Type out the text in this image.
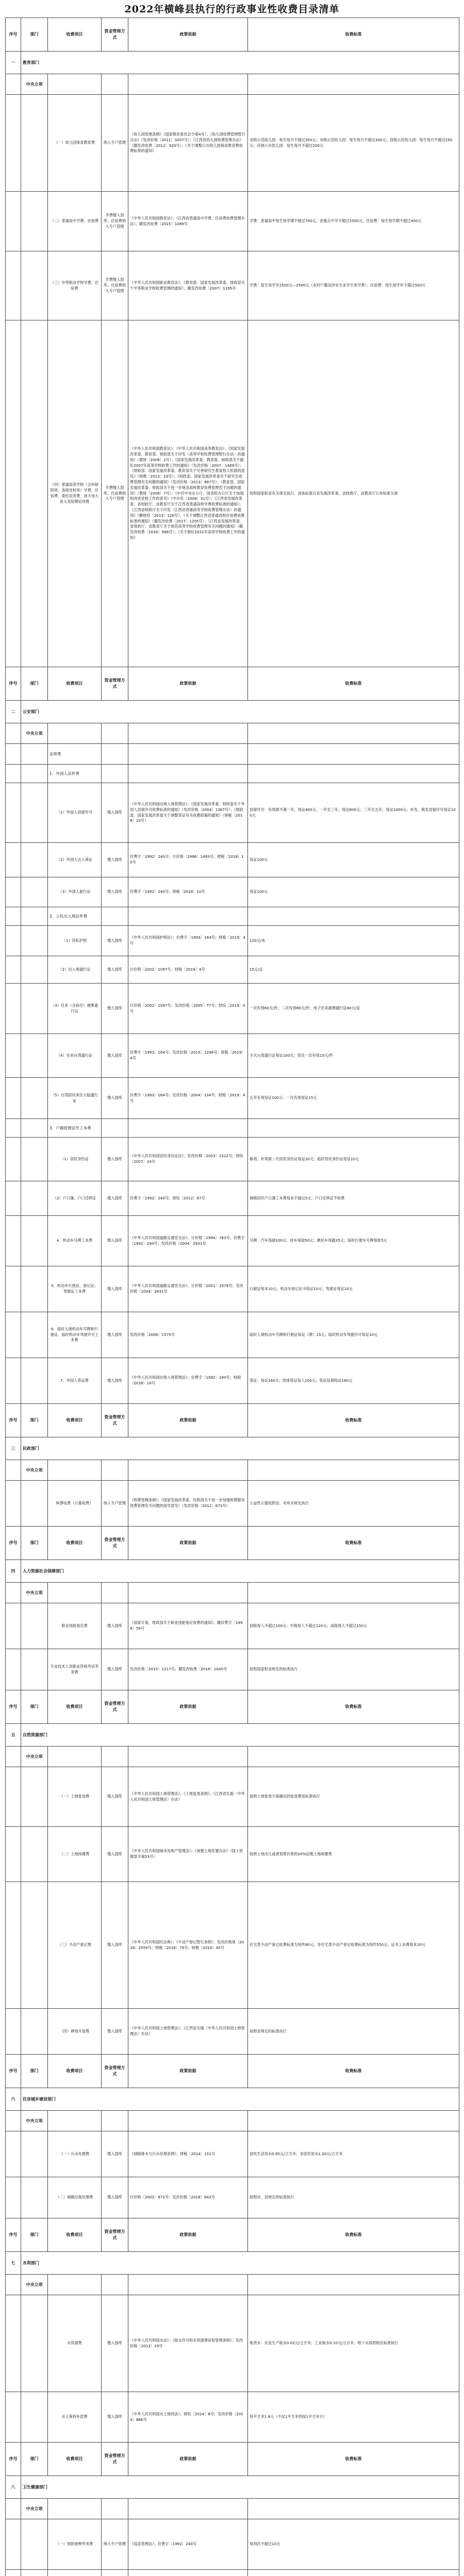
2022年横峰县执行的行政事业性收费目录清单
序号	部门	收费项目	资金管理方式	政策依据	收费标准
一	教育部门				
	中央立项				
		（一）幼儿园保育教育费	纳入专户管理	《幼儿园管理条例》（国家教育委员会令第4号）；《幼儿园收费管理暂行办法》（发改价格〔2011〕3207号）；《江西省幼儿园收费管理办法》（赣发改收费〔2012〕920号）；《关于调整公办幼儿园保育教育费收费标准的通知》	省级示范幼儿园：每生每月不超过350元；市级示范幼儿园：每生每月不超过300元；县级示范幼儿园：每生每月不超过250元；其他公办幼儿园：每生每月不超过200元
		（二）普通高中学费、住宿费	学费缴入国库，住宿费纳入专户管理	《中华人民共和国教育法》；《江西省普通高中学费、住宿费收费管理办法》；赣发改收费〔2015〕1089号	学费：普通高中每生每学期不超过700元，省重点中学不超过1000元；住宿费：每生每学期不超过400元
		（三）中等职业学校学费、住宿费	学费缴入国库，住宿费纳入专户管理	《中华人民共和国职业教育法》；《教育部、国家发展改革委、财政部关于中等职业学校收费管理的通知》；赣发改收费〔2007〕1195号	学费：每生每学年1500元—2500元（农村户籍及涉农专业学生免学费）；住宿费：每生每学年不超过500元
		（四）普通高等学校（含科研院所、各级党校等）学费、住宿费、委托培养费、函大电大夜大及短期培训费	学费缴入国库，住宿费纳入专户管理	《中华人民共和国教育法》；《中华人民共和国高等教育法》；《国家发展改革委、教育部、财政部关于印发〈高等学校收费管理暂行办法〉的通知》（教财〔2006〕2号）；《国家发展改革委、教育部、财政部关于做好2007年高等学校收费工作的通知》（发改价格〔2007〕1469号）；《财政部、国家发展改革委、教育部关于完善研究生教育投入机制的意见》（财教〔2013〕19号）；《财政部、国家发展改革委关于研究生收费管理有关问题的通知》（发改价格〔2013〕887号）；《教育部、国家发展改革委、财政部关于进一步规范高校教育收费管理若干问题的通知》（教财〔2006〕7号）；《中共中央办公厅、国务院办公厅关于加强和改进党校工作的意见》（中办发〔2008〕31号）；《江西省发展改革委、省财政厅、省教育厅关于江西省普通高校学费收费标准的通知》；《江西省财政厅关于印发〈江西省普通高等学校收费管理办法〉的通知》（赣财综〔2013〕120号）；《关于调整江西省普通高校住宿费收费标准的通知》（赣发改收费〔2017〕1205号）；《江西省发展改革委、省财政厅、省教育厅关于规范高等学校收费管理有关问题的通知》（赣发改收费〔2018〕588号）；《关于做好2021年高等学校收费工作的通知》	按照国家和省有关规定执行，具体标准以省发展改革委、省财政厅、省教育厅公布标准为准
序号	部门	收费项目	资金管理方式	政策依据	收费标准
二	公安部门				
	中央立项				
		证照费			
		1．外国人证件费			
		（1）外国人居留许可	缴入国库	《中华人民共和国出境入境管理法》；《国家发展改革委、财政部关于外国人居留许可收费标准的通知》（发改价格〔2004〕1267号）；《财政部、国家发展改革委关于调整签证有关收费政策的通知》（财税〔2018〕10号）	居留许可：有效期不满一年，每证400元；一年至三年，每证800元；三年至五年，每证1000元；补发、换发居留许可每证100元
		（2）外国人出入境证	缴入国库	价费字〔1992〕240号；计价格〔1996〕1493号；财税〔2018〕10号	每证100元
		（3）外国人旅行证	缴入国库	价费字〔1992〕240号；财税〔2018〕10号	每证100元
		2．公民出入境证件费			
		（1）因私护照	缴入国库	《中华人民共和国护照法》；价费字〔1993〕164号；财税〔2019〕4号	120元/本
		（2）出入境通行证	缴入国库	计价格〔2002〕1097号；财税〔2019〕4号	15元/证
		（3）往来（含前往）港澳通行证	缴入国库	计价格〔2002〕1097号；发改价格〔2005〕77号；财综〔2019〕4号	一次有效60元/件；二次有效80元/件；电子往来港澳通行证60元/证
		（4）往来台湾通行证	缴入国库	价费字〔1993〕164号；发改价格〔2015〕1296号；财税〔2019〕4号	卡式台湾通行证每证100元；签注一次有效15元/件
		（5）台湾居民来往大陆通行证	缴入国库	价费字〔1993〕164号；发改价格〔2004〕334号；财税〔2019〕4号	五年有效每证100元；一次有效每证15元
		3．户籍管理证件工本费			
		（1）居民身份证	缴入国库	《中华人民共和国居民身份证法》；发改价格〔2003〕2322号；财综〔2007〕34号	换领、补领第二代居民身份证每证20元；临时居民身份证每证10元
		（2）户口簿、户口迁移证	缴入国库	价费字〔1992〕240号；财综〔2012〕97号	城镇居民户口簿工本费每本不超过5元；户口迁移证不收费
		4．机动车号牌工本费	缴入国库	《中华人民共和国道路交通安全法》；计价格〔1994〕783号；价费字〔1992〕240号；发改价格〔2004〕2831号	号牌：汽车每副100元；挂车每面50元；摩托车每副35元；临时行驶车号牌每张5元
		5．机动车行驶证、登记证、驾驶证工本费	缴入国库	《中华人民共和国道路交通安全法》；计价格〔2001〕1979号；发改价格〔2004〕2831号	行驶证每本10元；机动车登记证书每证10元；驾驶证每证10元
		6．临时入境机动车号牌和行驶证、临时机动车驾驶许可工本费	缴入国库	发改价格〔2008〕1575号	临时入境机动车号牌和行驶证每证（牌）15元；临时机动车驾驶许可每证10元
		7．外国人签证费	缴入国库	《中华人民共和国出境入境管理法》；价费字〔1992〕240号；财税〔2018〕10号	签证：每证160元；团体签证每人100元；签证延期每证160元
序号	部门	收费项目	资金管理方式	政策依据	收费标准
三	民政部门				
	中央立项				
		殡葬收费（公墓收费）	纳入专户管理	《殡葬管理条例》；《国家发展改革委、民政部关于进一步加强殡葬服务收费管理有关问题的指导意见》（发改价格〔2012〕673号）	公益性公墓按照省、市有关规定执行
序号	部门	收费项目	资金管理方式	政策依据	收费标准
四	人力资源社会保障部门				
	中央立项				
		职业技能鉴定费	缴入国库	《国家计委、财政部关于职业技能鉴定收费的通知》；赣价费字〔1998〕56号	初级每人不超过100元；中级每人不超过120元；高级每人不超过150元
		专业技术人员职业资格考试考务费	缴入国库	发改价格〔2015〕1217号；赣发改收费〔2016〕1045号	按照国家和省规定的标准执行
序号	部门	收费项目	资金管理方式	政策依据	收费标准
五	自然资源部门				
	中央立项				
		（一）土地复垦费	缴入国库	《中华人民共和国土地管理法》；《土地复垦条例》；《江西省实施〈中华人民共和国土地管理法〉办法》	按照土地复垦方案确定的复垦费用标准执行
		（二）土地闲置费	缴入国库	《中华人民共和国城市房地产管理法》；《闲置土地处置办法》（国土资源部令第53号）	按照土地出让或者划拨价款的20%征缴土地闲置费
		（三）不动产登记费	缴入国库	《中华人民共和国民法典》；《不动产登记暂行条例》；发改价格规〔2016〕2559号；财税〔2016〕79号；财税〔2019〕45号	住宅类不动产登记收费标准为每件80元；非住宅类不动产登记收费标准为每件550元；证书工本费每本10元
		（四）耕地开垦费	缴入国库	《中华人民共和国土地管理法》；《江西省实施〈中华人民共和国土地管理法〉办法》	按照省规定的标准执行
序号	部门	收费项目	资金管理方式	政策依据	收费标准
六	住房城乡建设部门				
	中央立项				
		（一）污水处理费	缴入国库	《城镇排水与污水处理条例》；财税〔2014〕151号	居民生活用水0.95元/立方米；非居民用水1.20元/立方米
		（二）城镇垃圾处理费	缴入国库	计价格〔2002〕872号；发改价格〔2018〕943号	按照市、县规定的标准执行
序号	部门	收费项目	资金管理方式	政策依据	收费标准
七	水利部门				
	中央立项				
		水资源费	缴入国库	《中华人民共和国水法》；《取水许可和水资源费征收管理条例》；发改价格〔2013〕29号	地表水：农业生产取水0.02元/立方米；工业取水0.10元/立方米；地下水按照相应标准执行
		水土保持补偿费	缴入国库	《中华人民共和国水土保持法》；财综〔2014〕8号；发改价格〔2014〕886号	每平方米1.4元（不足1平方米的按1平方米计）
序号	部门	收费项目	资金管理方式	政策依据	收费标准
八	卫生健康部门				
	中央立项				
		（一）预防接种劳务费	纳入专户管理	《疫苗管理法》；价费字〔1992〕240号	每剂次不超过10元
